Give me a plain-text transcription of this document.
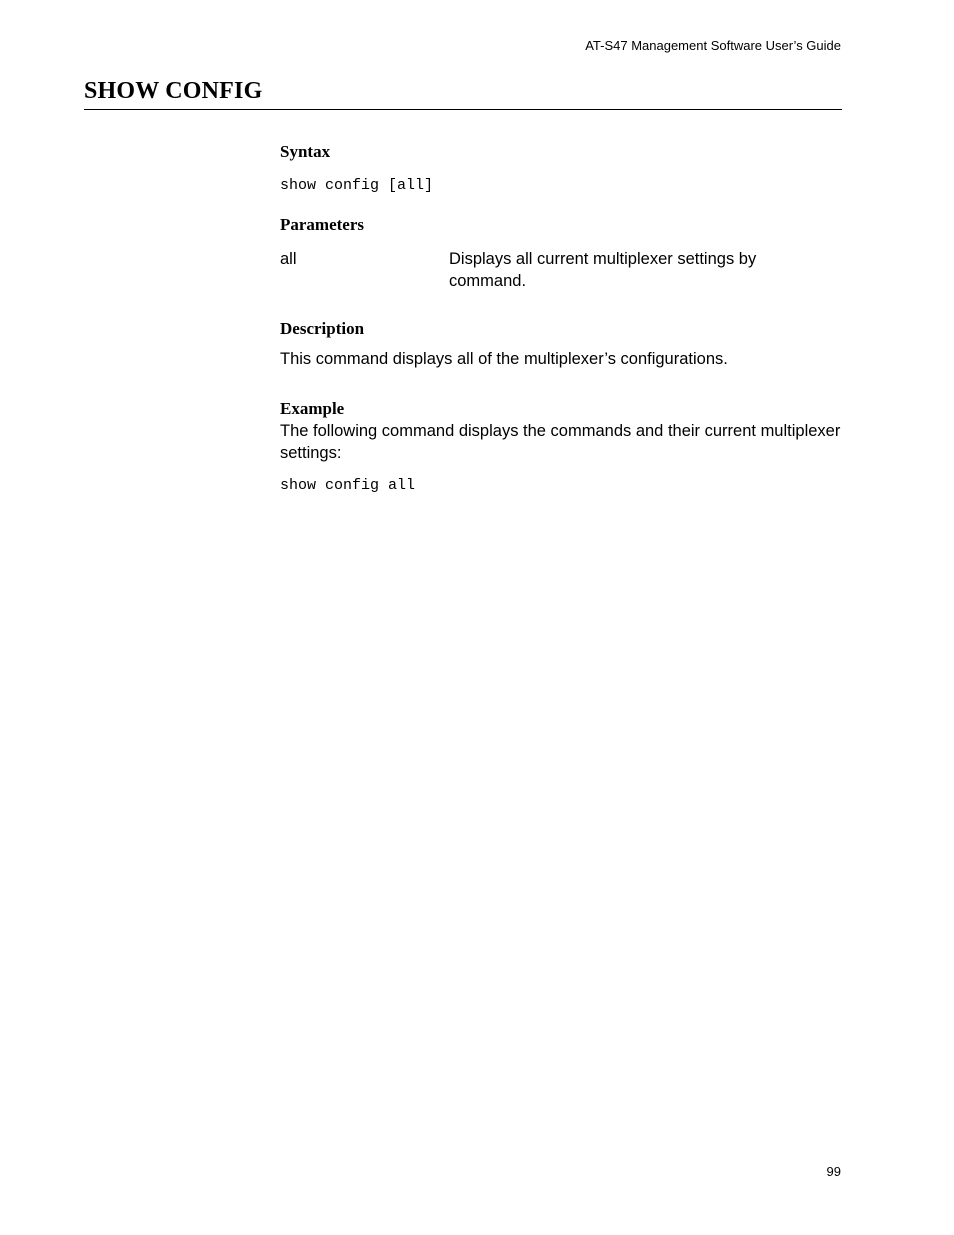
AT-S47 Management Software User’s Guide
SHOW CONFIG
Syntax
show config [all]
Parameters
all	Displays all current multiplexer settings by command.
Description
This command displays all of the multiplexer’s configurations.
Example
The following command displays the commands and their current multiplexer settings:
show config all
99
